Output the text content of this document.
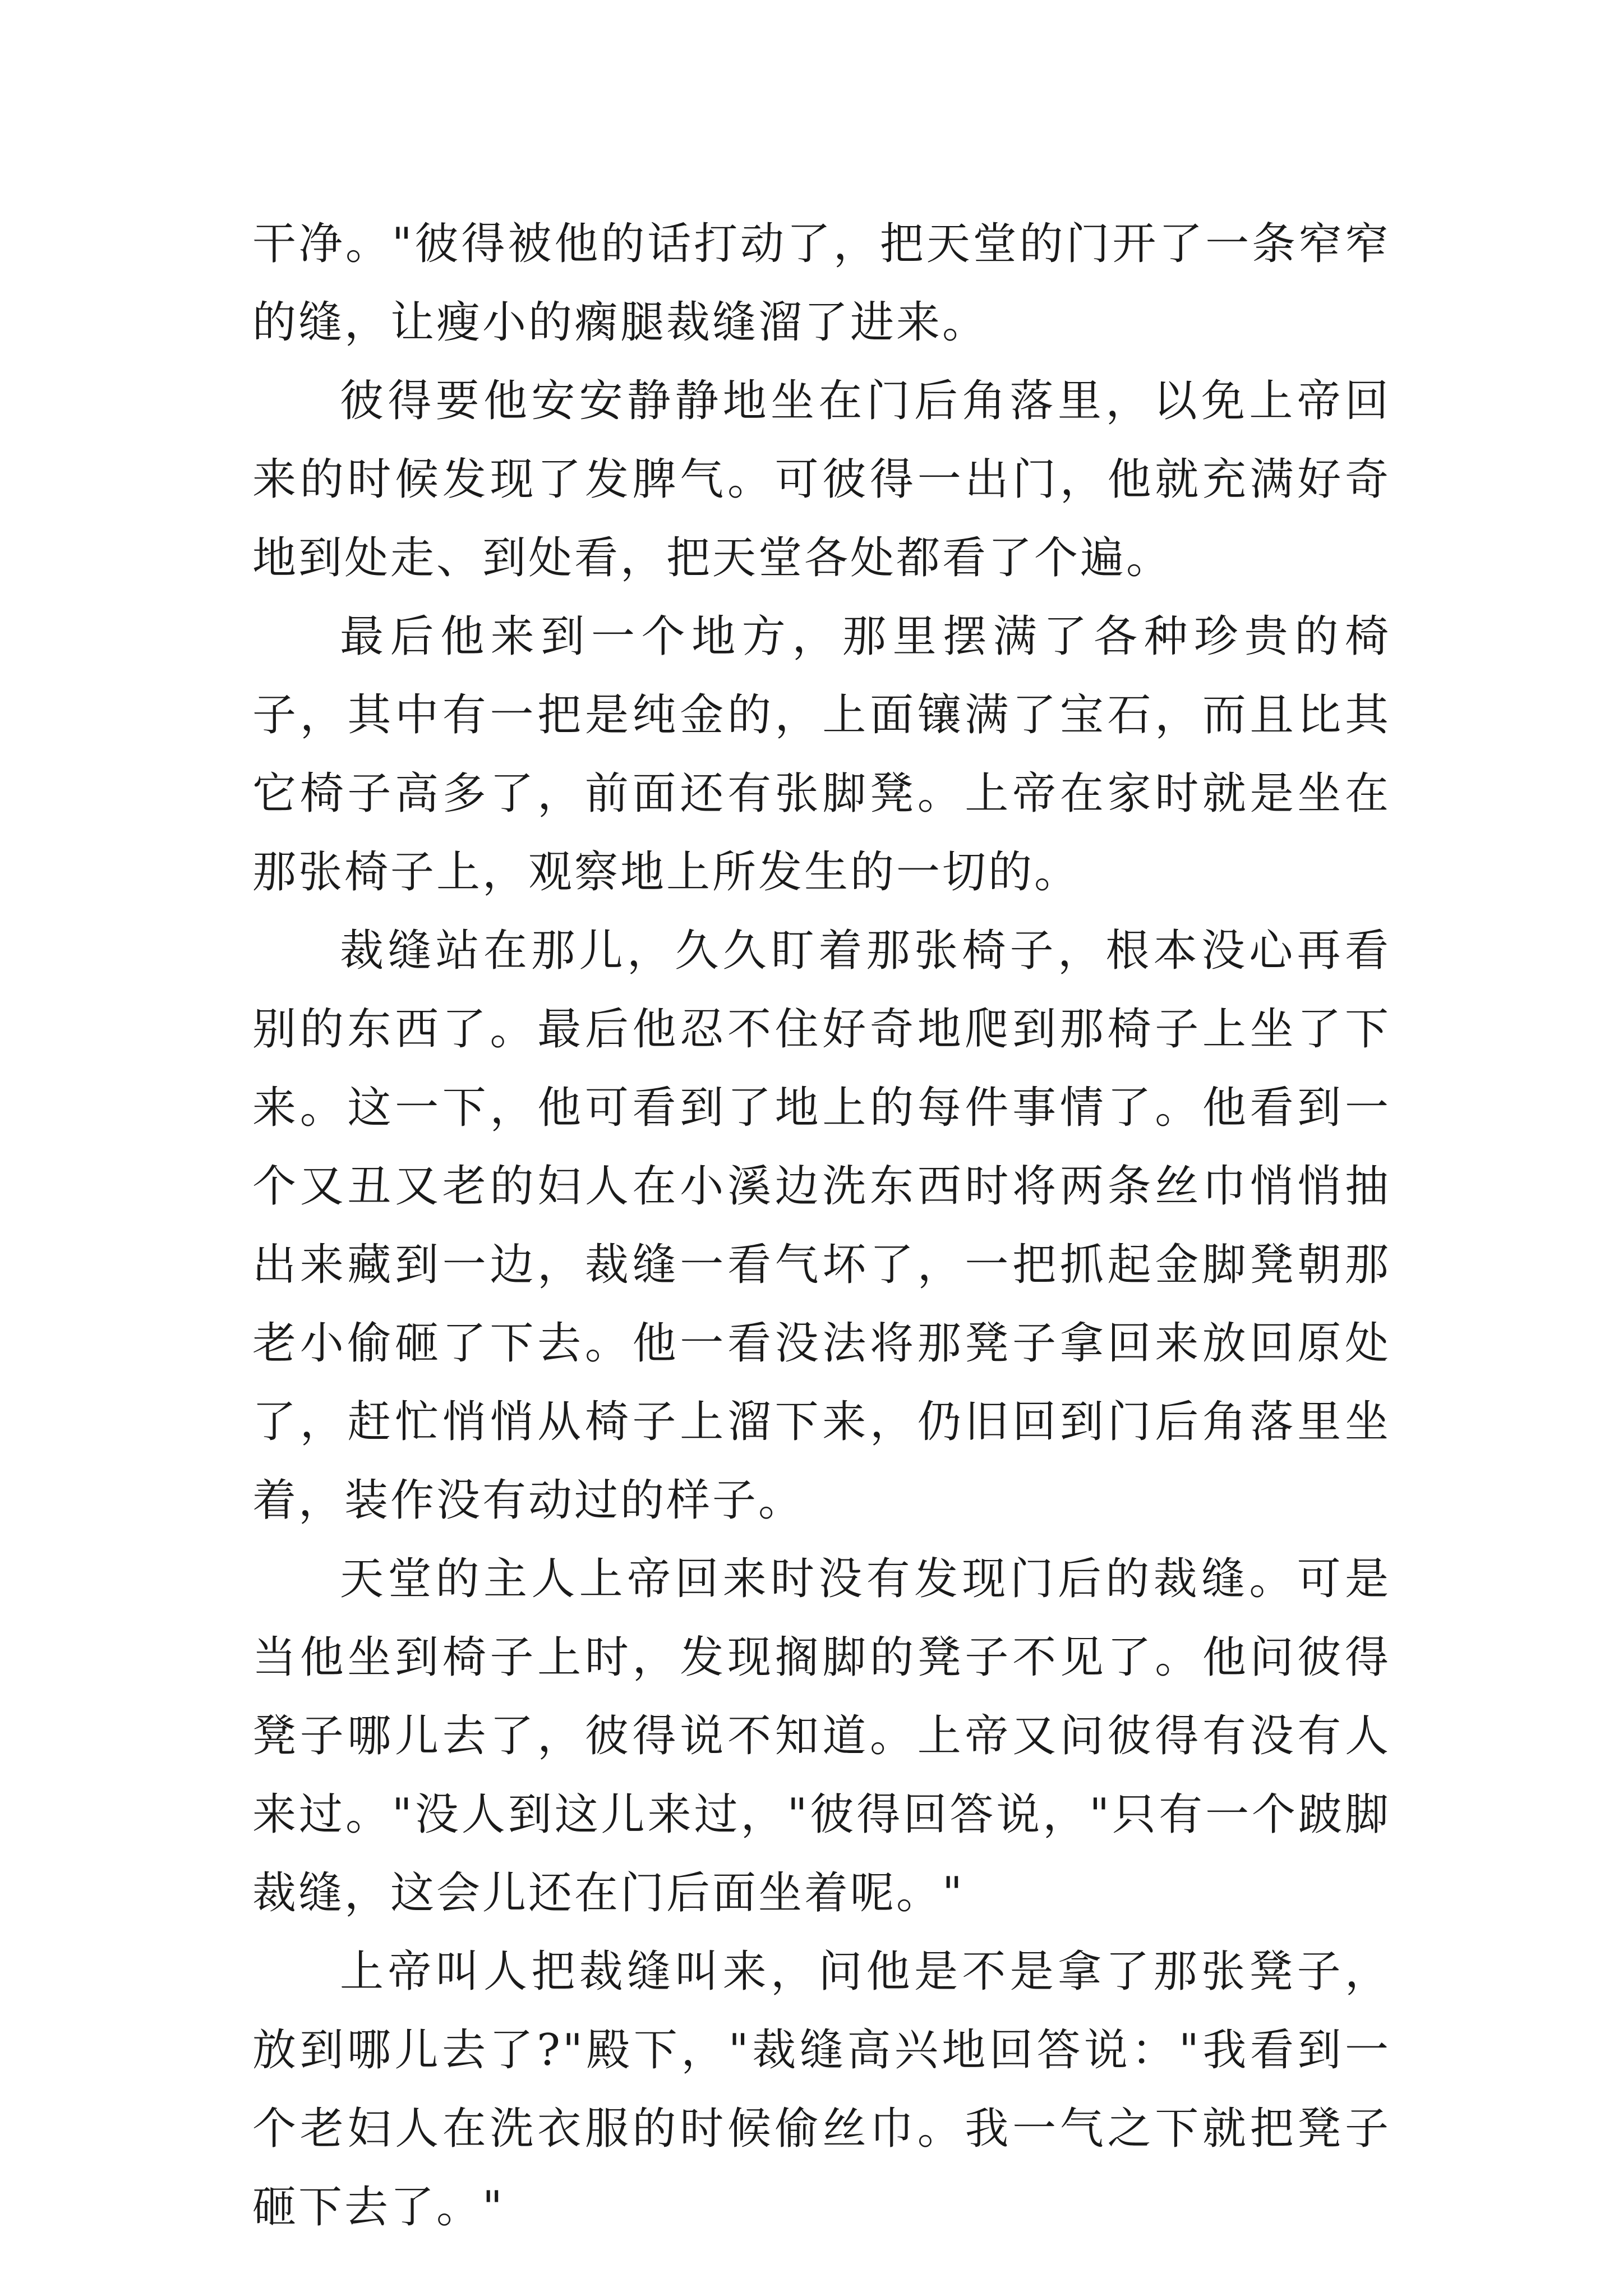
干净。"彼得被他的话打动了，把天堂的门开了一条窄窄的缝，让瘦小的瘸腿裁缝溜了进来。

彼得要他安安静静地坐在门后角落里，以免上帝回来的时候发现了发脾气。可彼得一出门，他就充满好奇地到处走、到处看，把天堂各处都看了个遍。

最后他来到一个地方，那里摆满了各种珍贵的椅子，其中有一把是纯金的，上面镶满了宝石，而且比其它椅子高多了，前面还有张脚凳。上帝在家时就是坐在那张椅子上，观察地上所发生的一切的。

裁缝站在那儿，久久盯着那张椅子，根本没心再看别的东西了。最后他忍不住好奇地爬到那椅子上坐了下来。这一下，他可看到了地上的每件事情了。他看到一个又丑又老的妇人在小溪边洗东西时将两条丝巾悄悄抽出来藏到一边，裁缝一看气坏了，一把抓起金脚凳朝那老小偷砸了下去。他一看没法将那凳子拿回来放回原处了，赶忙悄悄从椅子上溜下来，仍旧回到门后角落里坐着，装作没有动过的样子。

天堂的主人上帝回来时没有发现门后的裁缝。可是当他坐到椅子上时，发现搁脚的凳子不见了。他问彼得凳子哪儿去了，彼得说不知道。上帝又问彼得有没有人来过。"没人到这儿来过，"彼得回答说，"只有一个跛脚裁缝，这会儿还在门后面坐着呢。"

上帝叫人把裁缝叫来，问他是不是拿了那张凳子，放到哪儿去了?"殿下，"裁缝高兴地回答说："我看到一个老妇人在洗衣服的时候偷丝巾。我一气之下就把凳子砸下去了。"
